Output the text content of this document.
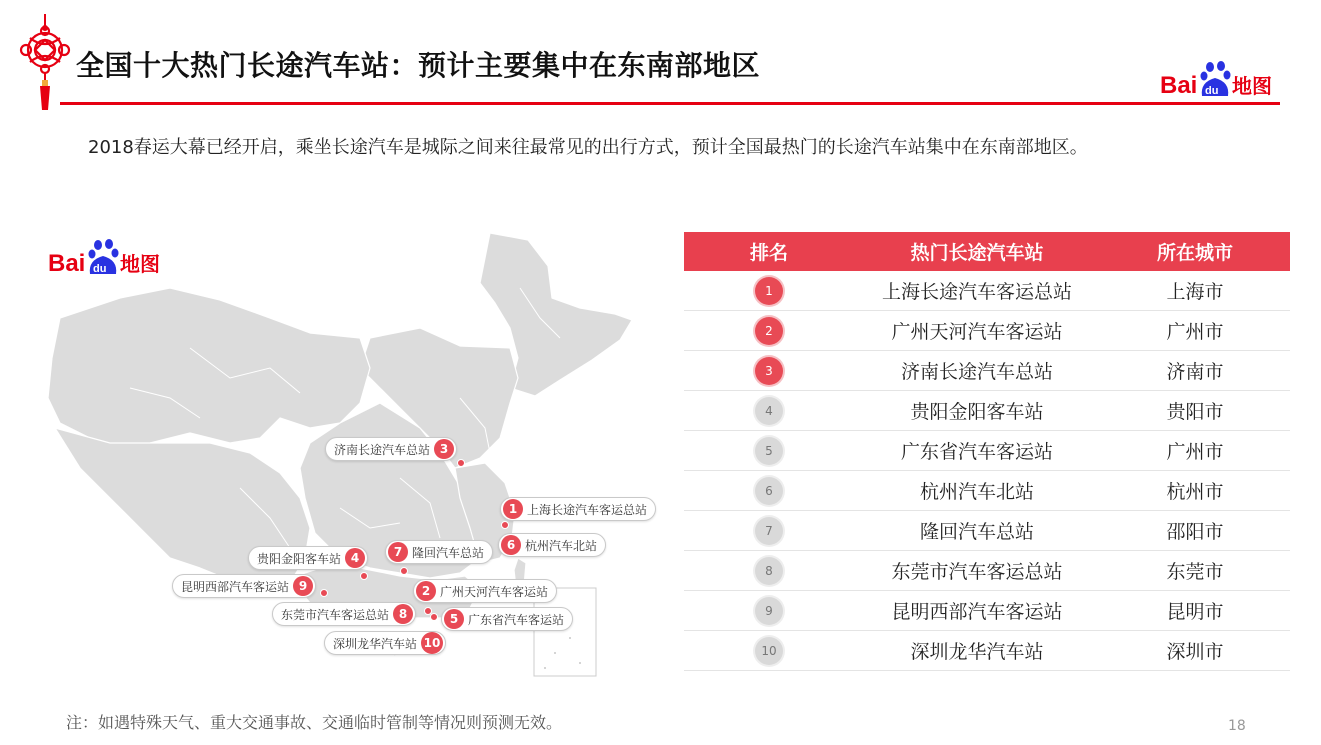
全国十大热门长途汽车站：预计主要集中在东南部地区
Bai du 地图
2018春运大幕已经开启，乘坐长途汽车是城际之间来往最常见的出行方式，预计全国最热门的长途汽车站集中在东南部地区。
Bai du 地图
济南长途汽车总站 3
1 上海长途汽车客运总站
6 杭州汽车北站
贵阳金阳客车站 4	7 隆回汽车总站
昆明西部汽车客运站 9	2 广州天河汽车客运站
东莞市汽车客运总站 8	5 广东省汽车客运站
深圳龙华汽车站 10
排名	热门长途汽车站	所在城市
1	上海长途汽车客运总站	上海市
2	广州天河汽车客运站	广州市
3	济南长途汽车总站	济南市
4	贵阳金阳客车站	贵阳市
5	广东省汽车客运站	广州市
6	杭州汽车北站	杭州市
7	隆回汽车总站	邵阳市
8	东莞市汽车客运总站	东莞市
9	昆明西部汽车客运站	昆明市
10	深圳龙华汽车站	深圳市
注：如遇特殊天气、重大交通事故、交通临时管制等情况则预测无效。	18
